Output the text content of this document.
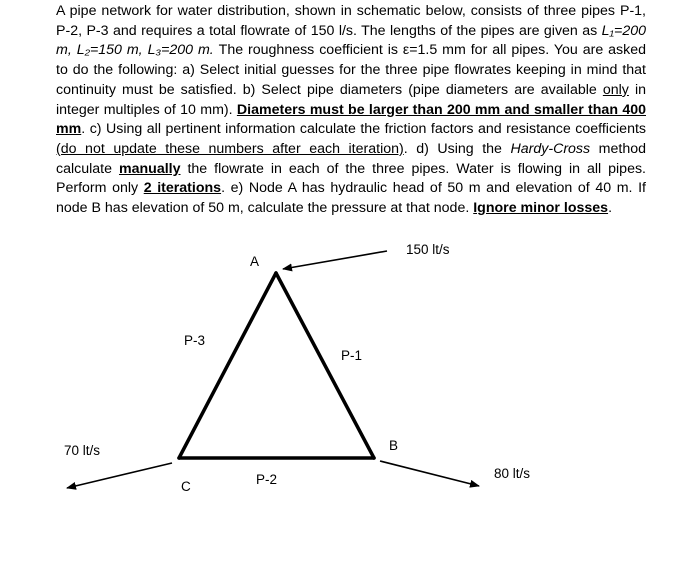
A pipe network for water distribution, shown in schematic below, consists of three pipes P-1, P-2, P-3 and requires a total flowrate of 150 l/s. The lengths of the pipes are given as L₁=200 m, L₂=150 m, L₃=200 m. The roughness coefficient is ε=1.5 mm for all pipes. You are asked to do the following: a) Select initial guesses for the three pipe flowrates keeping in mind that continuity must be satisfied. b) Select pipe diameters (pipe diameters are available only in integer multiples of 10 mm). Diameters must be larger than 200 mm and smaller than 400 mm. c) Using all pertinent information calculate the friction factors and resistance coefficients (do not update these numbers after each iteration). d) Using the Hardy-Cross method calculate manually the flowrate in each of the three pipes. Water is flowing in all pipes. Perform only 2 iterations. e) Node A has hydraulic head of 50 m and elevation of 40 m. If node B has elevation of 50 m, calculate the pressure at that node. Ignore minor losses.

A
B
C
P-1
P-2
P-3
150 lt/s
70 lt/s
80 lt/s
